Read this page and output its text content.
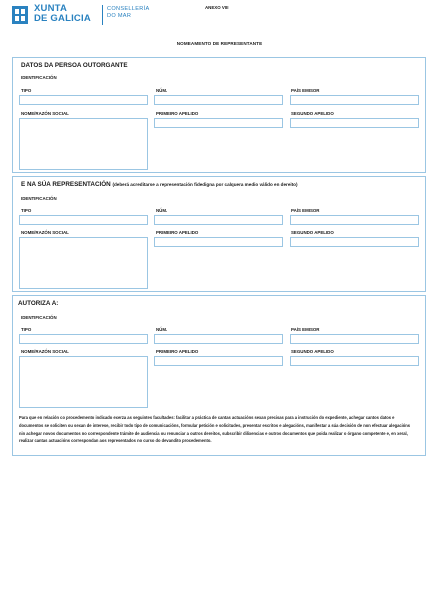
XUNTA
DE GALICIA
CONSELLERÍA
DO MAR
ANEXO VIII
NOMEAMENTO DE REPRESENTANTE
DATOS DA PERSOA OUTORGANTE
IDENTIFICACIÓN
TIPO	NÚM.	PAÍS EMISOR
NOME/RAZÓN SOCIAL	PRIMEIRO APELIDO	SEGUNDO APELIDO
E NA SÚA REPRESENTACIÓN (deberá acreditarse a representación fidedigna por calquera medio válido en dereito)
IDENTIFICACIÓN
TIPO	NÚM.	PAÍS EMISOR
NOME/RAZÓN SOCIAL	PRIMEIRO APELIDO	SEGUNDO APELIDO
AUTORIZA A:
IDENTIFICACIÓN
TIPO	NÚM.	PAÍS EMISOR
NOME/RAZÓN SOCIAL	PRIMEIRO APELIDO	SEGUNDO APELIDO
Para que en relación co procedemento indicado exerza as seguintes facultades: facilitar a práctica de cantas actuacións sexan precisas para a instrución do expediente, achegar cantos datos e documentos se soliciten ou sexan de interese, recibir todo tipo de comunicacións, formular petición e solicitudes, presentar escritos e alegacións, manifestar a súa decisión de non efectuar alegacións nin achegar novos documentos no correspondente trámite de audiencia ou renunciar a outros dereitos, subscribir dilixencias e outros documentos que poida realizar o órgano competente e, en xeral, realizar cantas actuacións correspondan aos representados no curso do devandito procedemento.
